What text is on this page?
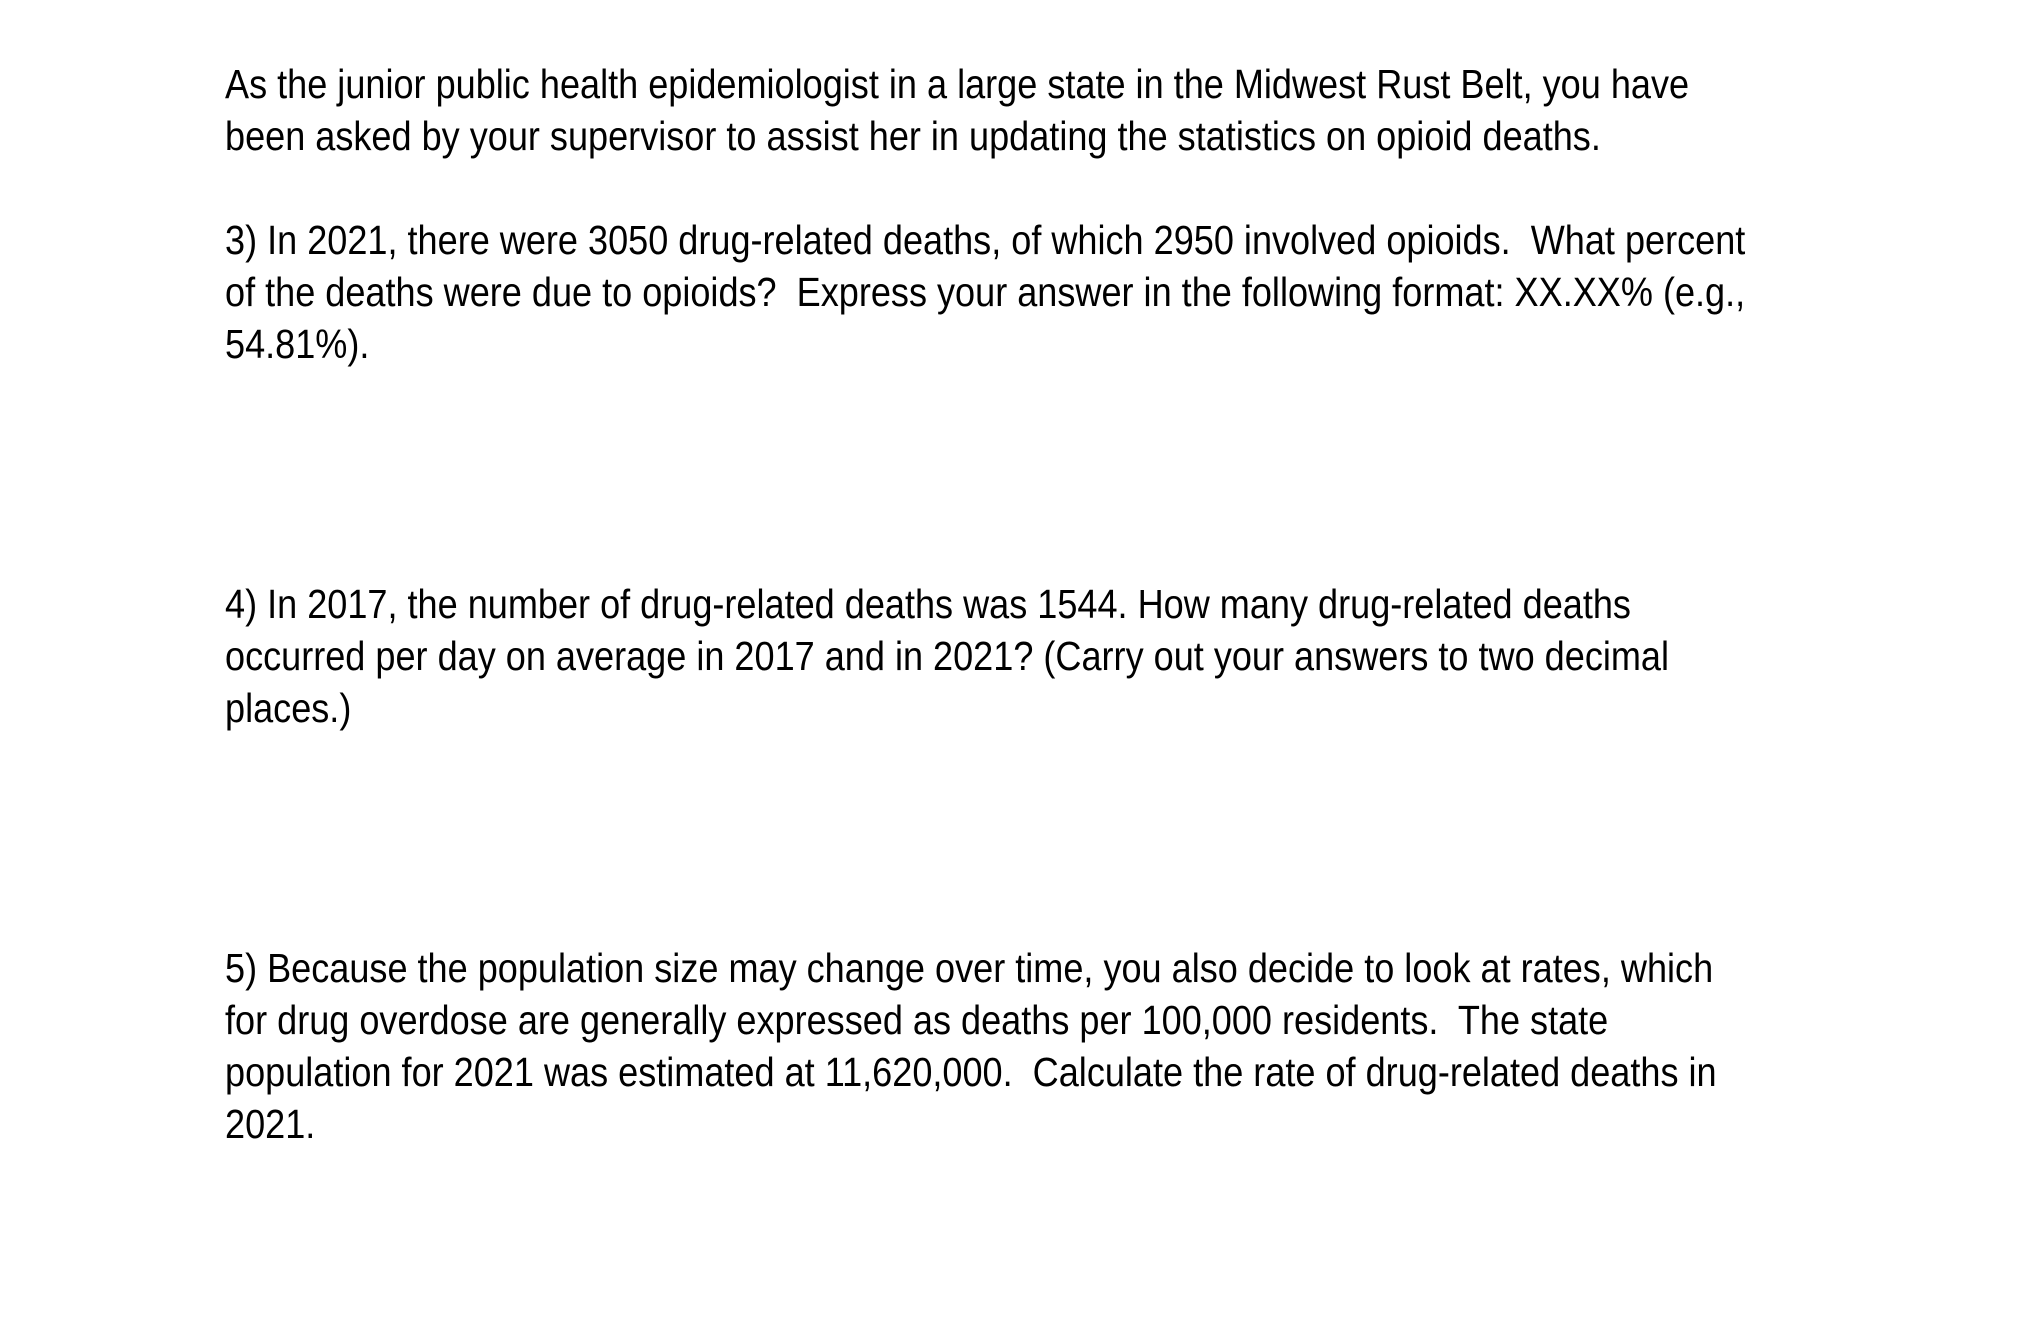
As the junior public health epidemiologist in a large state in the Midwest Rust Belt, you have
been asked by your supervisor to assist her in updating the statistics on opioid deaths.
3) In 2021, there were 3050 drug-related deaths, of which 2950 involved opioids.  What percent
of the deaths were due to opioids?  Express your answer in the following format: XX.XX% (e.g.,
54.81%).
4) In 2017, the number of drug-related deaths was 1544. How many drug-related deaths
occurred per day on average in 2017 and in 2021? (Carry out your answers to two decimal
places.)
5) Because the population size may change over time, you also decide to look at rates, which
for drug overdose are generally expressed as deaths per 100,000 residents.  The state
population for 2021 was estimated at 11,620,000.  Calculate the rate of drug-related deaths in
2021.
